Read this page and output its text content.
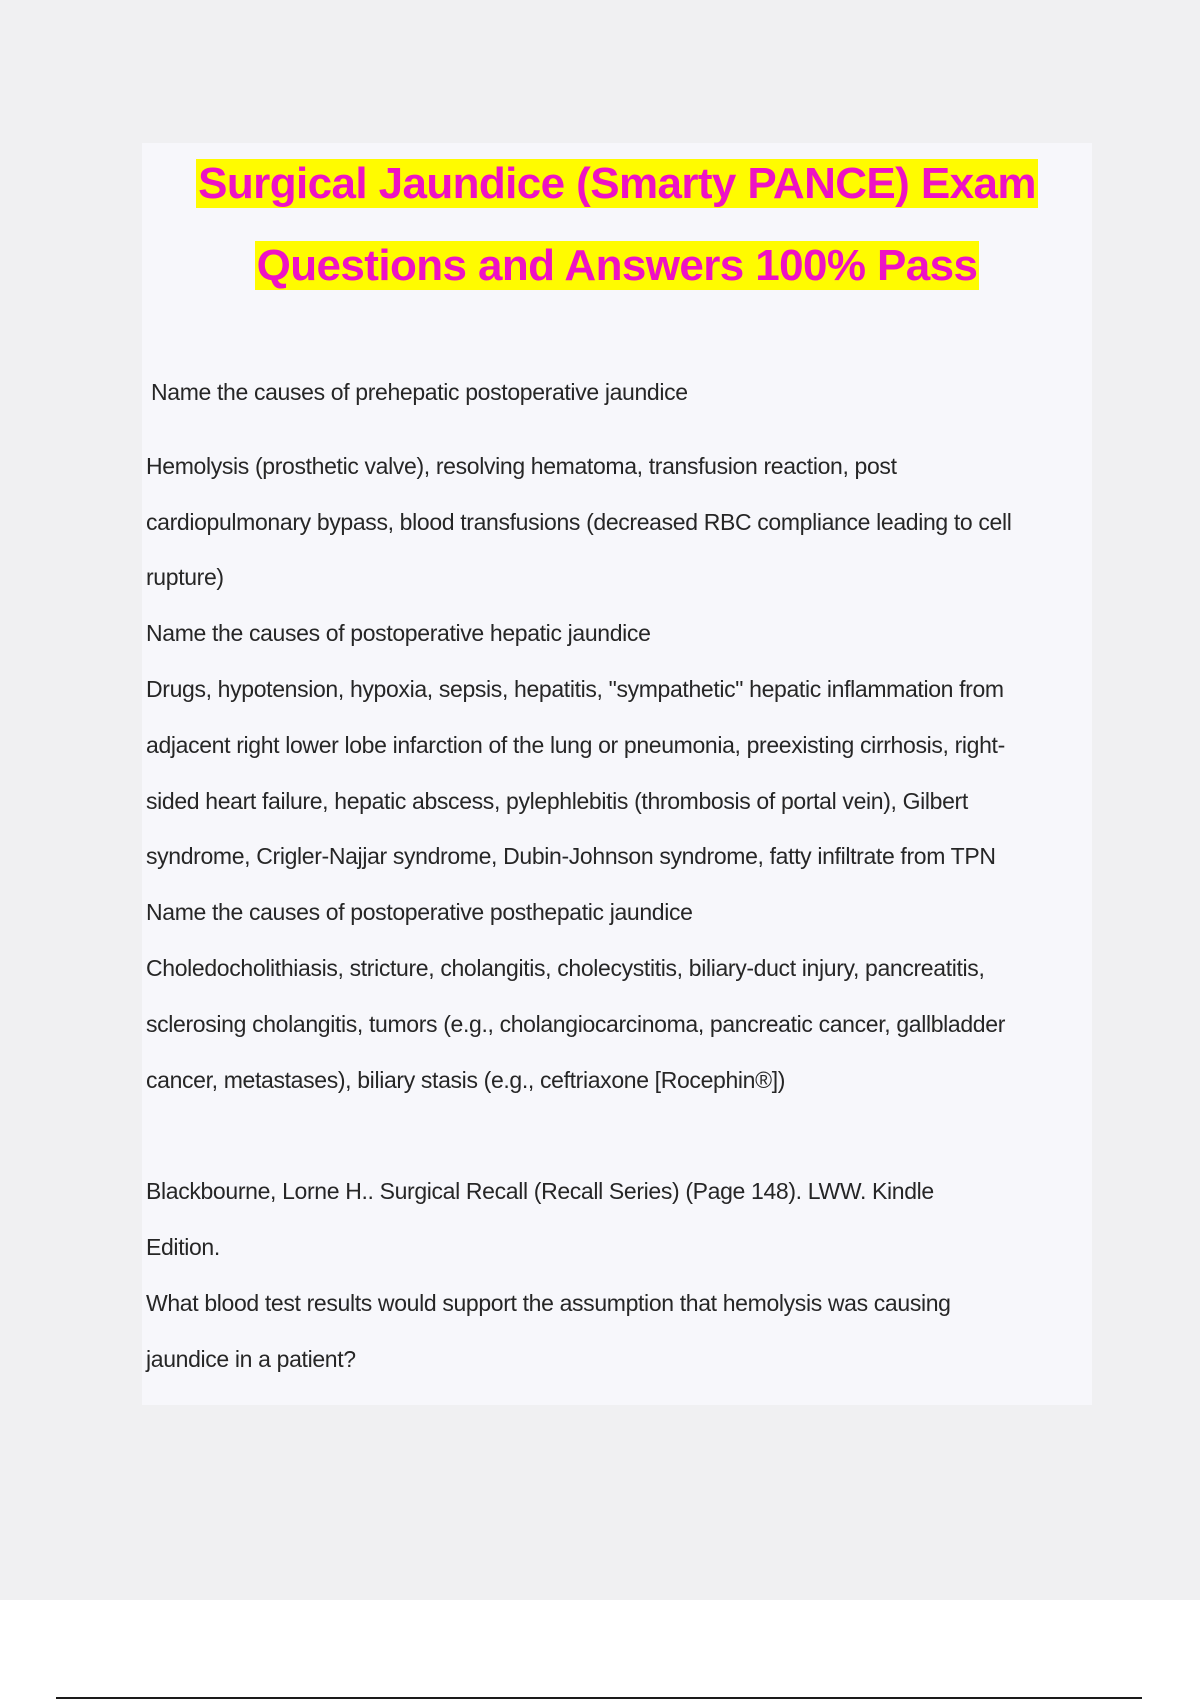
Surgical Jaundice (Smarty PANCE) Exam
Questions and Answers 100% Pass

Name the causes of prehepatic postoperative jaundice

Hemolysis (prosthetic valve), resolving hematoma, transfusion reaction, post

cardiopulmonary bypass, blood transfusions (decreased RBC compliance leading to cell

rupture)

Name the causes of postoperative hepatic jaundice

Drugs, hypotension, hypoxia, sepsis, hepatitis, "sympathetic" hepatic inflammation from

adjacent right lower lobe infarction of the lung or pneumonia, preexisting cirrhosis, right-

sided heart failure, hepatic abscess, pylephlebitis (thrombosis of portal vein), Gilbert

syndrome, Crigler-Najjar syndrome, Dubin-Johnson syndrome, fatty infiltrate from TPN

Name the causes of postoperative posthepatic jaundice

Choledocholithiasis, stricture, cholangitis, cholecystitis, biliary-duct injury, pancreatitis,

sclerosing cholangitis, tumors (e.g., cholangiocarcinoma, pancreatic cancer, gallbladder

cancer, metastases), biliary stasis (e.g., ceftriaxone [Rocephin®])

Blackbourne, Lorne H.. Surgical Recall (Recall Series) (Page 148). LWW. Kindle

Edition.

What blood test results would support the assumption that hemolysis was causing

jaundice in a patient?
